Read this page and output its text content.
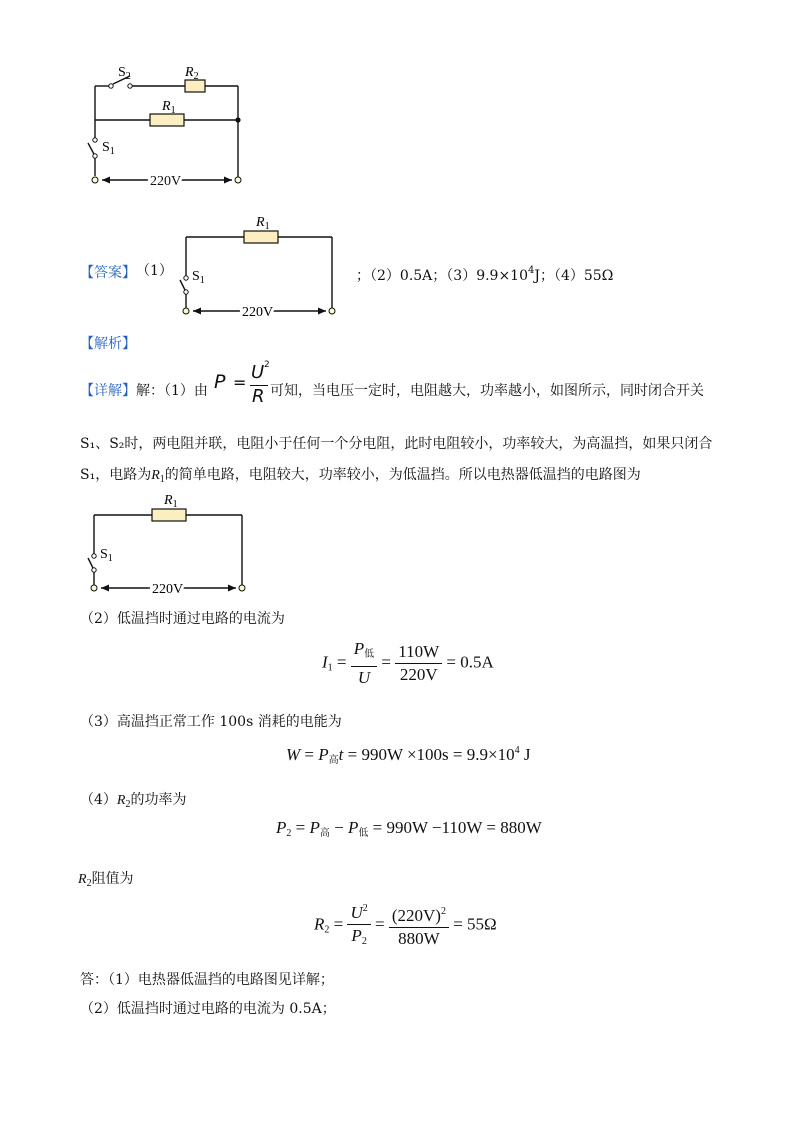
$S_2$	$R_2$
$R_1$
$S_1$
220V
【答案】 （1）
$R_1$
$S_1$
220V
；（2）0.5A；$(3)9.9\times 10^4J$；（4）55Ω
【解析】
【详解】解：（1）由 P = U 2
R 可知，当电压一定时，电阻越大，功率越小，如图所示，同时闭合开关
S₁、S₂时，两电阻并联，电阻小于任何一个分电阻，此时电阻较小，功率较大，为高温挡，如果只闭合
S₁，电路为$R_1$的简单电路，电阻较大，功率较小，为低温挡。所以电热器低温挡的电路图为
$R_1$
$S_1$
220V
（2）低温挡时通过电路的电流为
$I1 = \frac{\text{P低}}{U} = \frac{110W}{220V} = 0.5A$
（3）高温挡正常工作 100s 消耗的电能为
W = P高$t = 990W \times 100s = 9.9\times 10^4$ J
$(4)R_2$的功率为
P2 = P高 − P低 = 990W −110W = 880W
$R_2$阻值为
$R2 = \frac{U^2}{P2} = \frac{(220V)^2}{880W} = 55\Omega$
答：（1）电热器低温挡的电路图见详解；
（2）低温挡时通过电路的电流为 0.5A；
